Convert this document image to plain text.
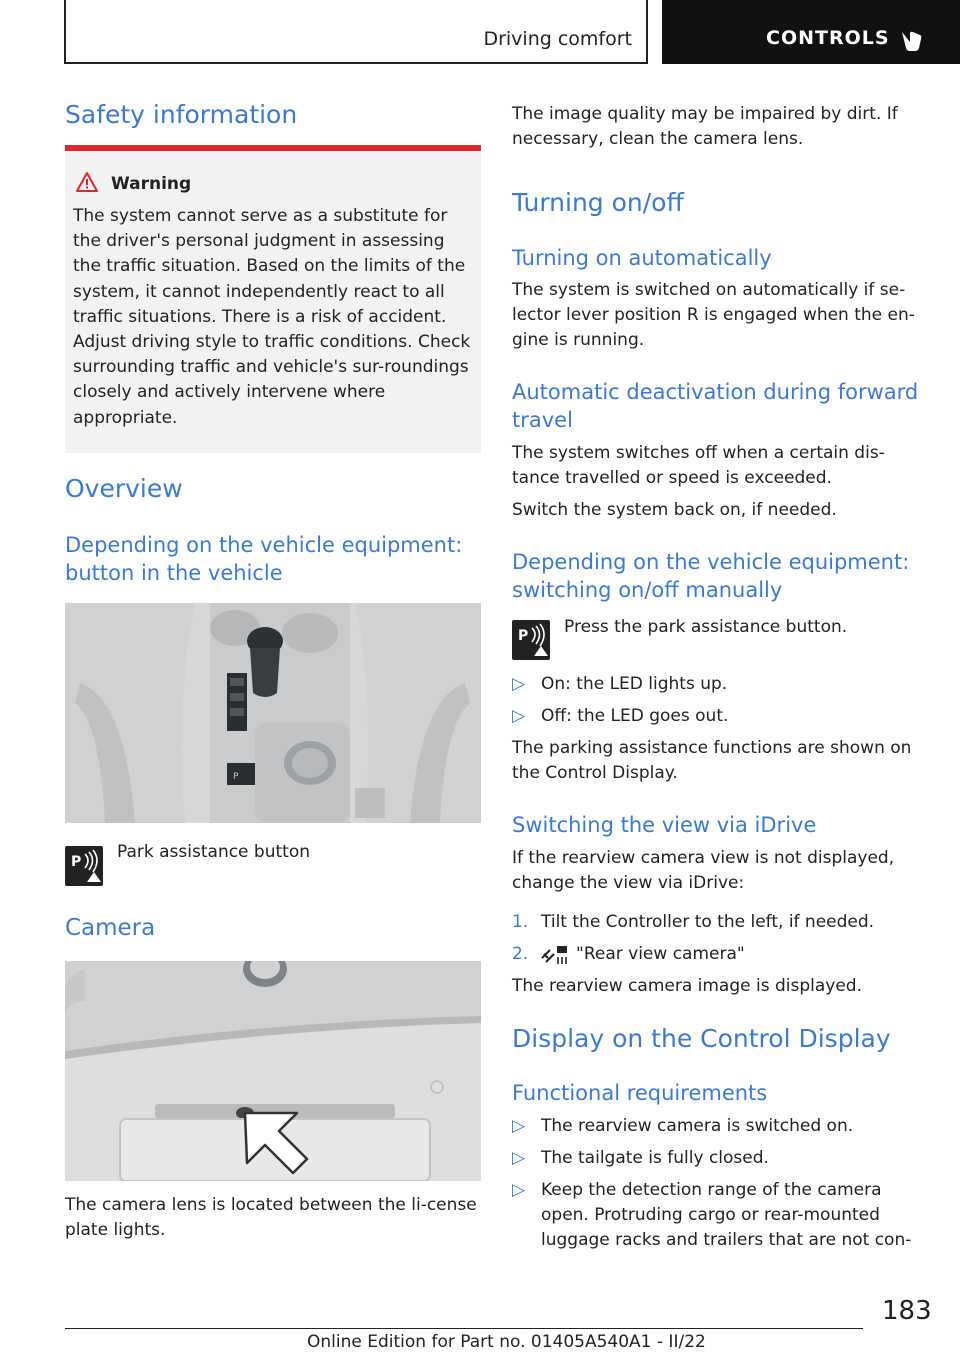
Driving comfort	CONTROLS
Safety information
Warning
The system cannot serve as a substitute for the driver's personal judgment in assessing the traffic situation. Based on the limits of the system, it cannot independently react to all traffic situations. There is a risk of accident. Adjust driving style to traffic conditions. Check surrounding traffic and vehicle's sur-roundings closely and actively intervene where appropriate.
Overview
Depending on the vehicle equipment: button in the vehicle
P
P Park assistance button
Camera
The camera lens is located between the li-cense plate lights.
The image quality may be impaired by dirt. If necessary, clean the camera lens.
Turning on/off
Turning on automatically
The system is switched on automatically if se-lector lever position R is engaged when the en-gine is running.
Automatic deactivation during forward travel
The system switches off when a certain dis-tance travelled or speed is exceeded.
Switch the system back on, if needed.
Depending on the vehicle equipment: switching on/off manually
P Press the park assistance button.
▷ On: the LED lights up.
▷ Off: the LED goes out.
The parking assistance functions are shown on the Control Display.
Switching the view via iDrive
If the rearview camera view is not displayed, change the view via iDrive:
1. Tilt the Controller to the left, if needed.
2.	"Rear view camera"
The rearview camera image is displayed.
Display on the Control Display
Functional requirements
▷ The rearview camera is switched on.
▷ The tailgate is fully closed.
▷ Keep the detection range of the camera open. Protruding cargo or rear-mounted luggage racks and trailers that are not con-
183
Online Edition for Part no. 01405A540A1 - II/22
